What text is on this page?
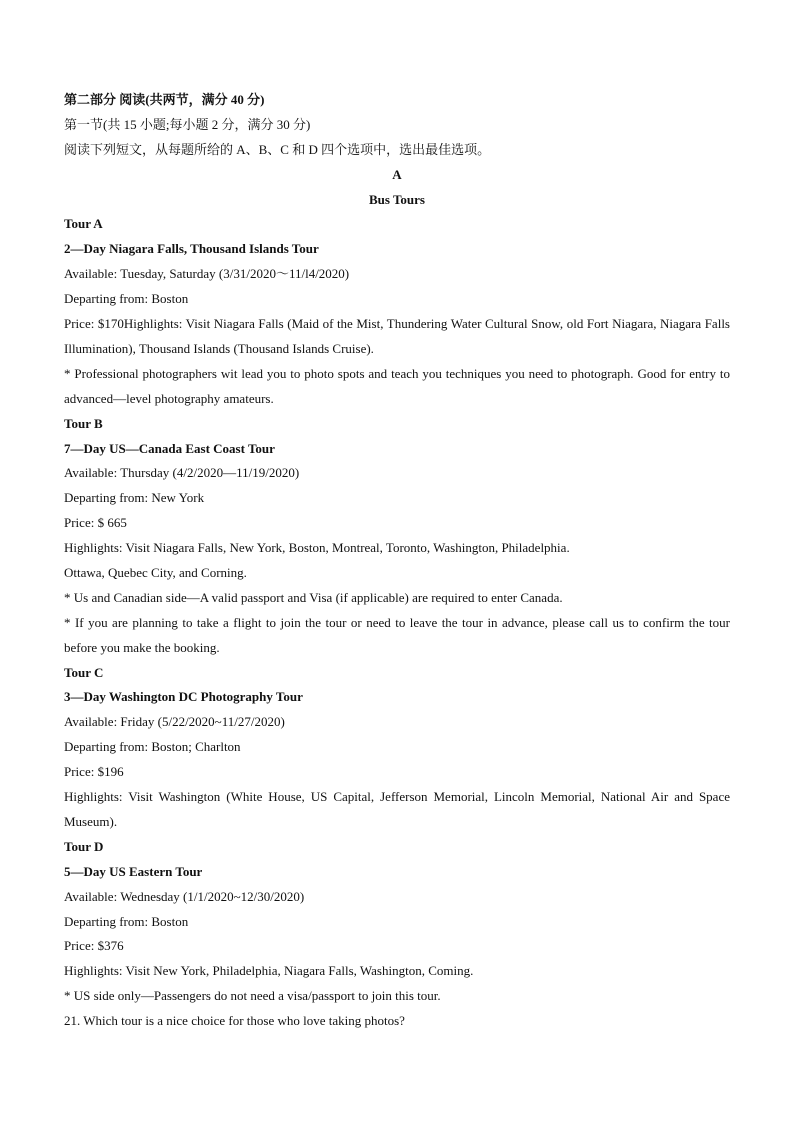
第二部分 阅读(共两节，满分 40 分)
第一节(共 15 小题;每小题 2 分，满分 30 分)
阅读下列短文，从每题所给的 A、B、C 和 D 四个选项中，选出最佳选项。
A
Bus Tours
Tour A
2—Day Niagara Falls, Thousand Islands Tour
Available: Tuesday, Saturday (3/31/2020～11/l4/2020)
Departing from: Boston
Price: $170Highlights: Visit Niagara Falls (Maid of the Mist, Thundering Water Cultural Snow, old Fort Niagara, Niagara Falls Illumination), Thousand Islands (Thousand Islands Cruise).
* Professional photographers wit lead you to photo spots and teach you techniques you need to photograph. Good for entry to advanced—level photography amateurs.
Tour B
7—Day US—Canada East Coast Tour
Available: Thursday (4/2/2020—11/19/2020)
Departing from: New York
Price: $ 665
Highlights: Visit Niagara Falls, New York, Boston, Montreal, Toronto, Washington, Philadelphia.
Ottawa, Quebec City, and Corning.
* Us and Canadian side—A valid passport and Visa (if applicable) are required to enter Canada.
* If you are planning to take a flight to join the tour or need to leave the tour in advance, please call us to confirm the tour before you make the booking.
Tour C
3—Day Washington DC Photography Tour
Available: Friday (5/22/2020~11/27/2020)
Departing from: Boston; Charlton
Price: $196
Highlights: Visit Washington (White House, US Capital, Jefferson Memorial, Lincoln Memorial, National Air and Space Museum).
Tour D
5—Day US Eastern Tour
Available: Wednesday (1/1/2020~12/30/2020)
Departing from: Boston
Price: $376
Highlights: Visit New York, Philadelphia, Niagara Falls, Washington, Coming.
* US side only—Passengers do not need a visa/passport to join this tour.
21. Which tour is a nice choice for those who love taking photos?
